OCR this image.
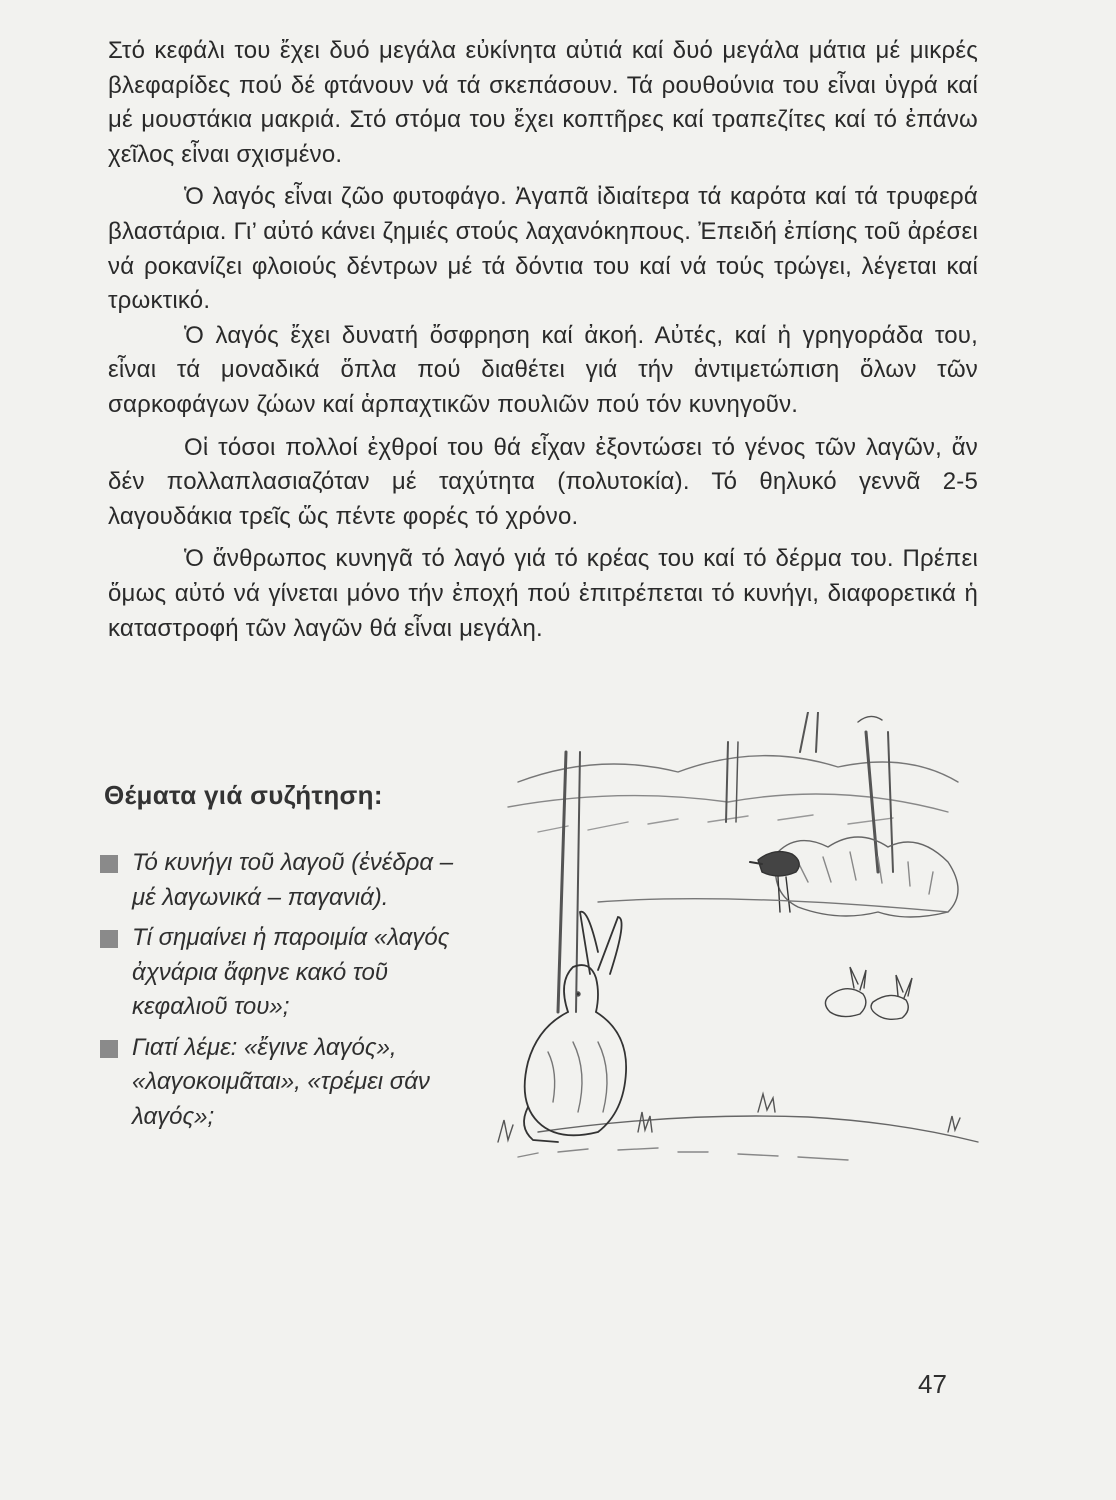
Στό κεφάλι του ἔχει δυό μεγάλα εὐκίνητα αὐτιά καί δυό μεγάλα μάτια μέ μικρές βλεφαρίδες πού δέ φτάνουν νά τά σκεπάσουν. Τά ρουθούνια του εἶναι ὑγρά καί μέ μουστάκια μακριά. Στό στόμα του ἔχει κοπτῆρες καί τραπεζίτες καί τό ἐπάνω χεῖλος εἶναι σχισμένο.

Ὁ λαγός εἶναι ζῶο φυτοφάγο. Ἀγαπᾶ ἰδιαίτερα τά καρότα καί τά τρυφερά βλαστάρια. Γι’ αὐτό κάνει ζημιές στούς λαχανόκηπους. Ἐπειδή ἐπίσης τοῦ ἀρέσει νά ροκανίζει φλοιούς δέντρων μέ τά δόντια του καί νά τούς τρώγει, λέγεται καί τρωκτικό.

Ὁ λαγός ἔχει δυνατή ὄσφρηση καί ἀκοή. Αὐτές, καί ἡ γρηγοράδα του, εἶναι τά μοναδικά ὅπλα πού διαθέτει γιά τήν ἀντιμετώπιση ὅλων τῶν σαρκοφάγων ζώων καί ἁρπαχτικῶν πουλιῶν πού τόν κυνηγοῦν.

Οἱ τόσοι πολλοί ἐχθροί του θά εἶχαν ἐξοντώσει τό γένος τῶν λαγῶν, ἄν δέν πολλαπλασιαζόταν μέ ταχύτητα (πολυτοκία). Τό θηλυκό γεννᾶ 2-5 λαγουδάκια τρεῖς ὥς πέντε φορές τό χρόνο.

Ὁ ἄνθρωπος κυνηγᾶ τό λαγό γιά τό κρέας του καί τό δέρμα του. Πρέπει ὅμως αὐτό νά γίνεται μόνο τήν ἐποχή πού ἐπιτρέπεται τό κυνήγι, διαφορετικά ἡ καταστροφή τῶν λαγῶν θά εἶναι μεγάλη.

Θέματα γιά συζήτηση:
Τό κυνήγι τοῦ λαγοῦ (ἐνέδρα – μέ λαγωνικά – παγανιά).
Τί σημαίνει ἡ παροιμία «λαγός ἀχνάρια ἄφηνε κακό τοῦ κεφαλιοῦ του»;
Γιατί λέμε: «ἔγινε λαγός», «λαγοκοιμᾶται», «τρέμει σάν λαγός»;
47
